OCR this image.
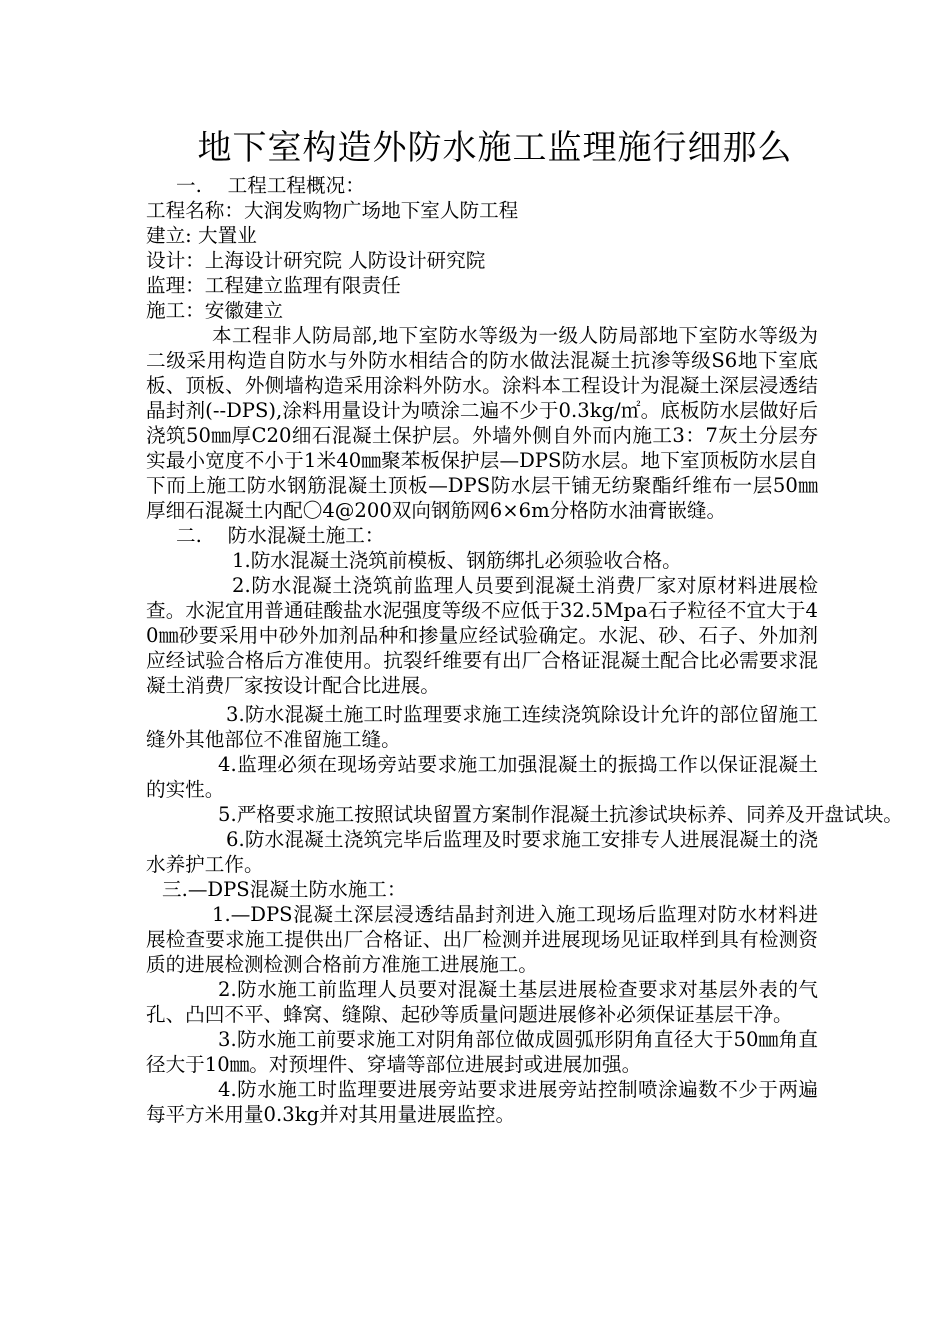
地下室构造外防水施工监理施行细那么

一.　 工程工程概况：

工程名称：大润发购物广场地下室人防工程

建立: 大置业

设计：上海设计研究院 人防设计研究院

监理：工程建立监理有限责任

施工：安徽建立

本工程非人防局部,地下室防水等级为一级人防局部地下室防水等级为二级采用构造自防水与外防水相结合的防水做法混凝土抗渗等级S6地下室底板、顶板、外侧墙构造采用涂料外防水。涂料本工程设计为混凝土深层浸透结晶封剂(--DPS),涂料用量设计为喷涂二遍不少于0.3kg/㎡。底板防水层做好后浇筑50㎜厚C20细石混凝土保护层。外墙外侧自外而内施工3：7灰土分层夯实最小宽度不小于1米40㎜聚苯板保护层—DPS防水层。地下室顶板防水层自下而上施工防水钢筋混凝土顶板—DPS防水层干铺无纺聚酯纤维布一层50㎜厚细石混凝土内配〇4@200双向钢筋网6×6m分格防水油膏嵌缝。

二.　 防水混凝土施工：

1.防水混凝土浇筑前模板、钢筋绑扎必须验收合格。

2.防水混凝土浇筑前监理人员要到混凝土消费厂家对原材料进展检查。水泥宜用普通硅酸盐水泥强度等级不应低于32.5Mpa石子粒径不宜大于40㎜砂要采用中砂外加剂品种和掺量应经试验确定。水泥、砂、石子、外加剂应经试验合格后方准使用。抗裂纤维要有出厂合格证混凝土配合比必需要求混凝土消费厂家按设计配合比进展。

3.防水混凝土施工时监理要求施工连续浇筑除设计允许的部位留施工缝外其他部位不准留施工缝。

4.监理必须在现场旁站要求施工加强混凝土的振捣工作以保证混凝土的实性。

5.严格要求施工按照试块留置方案制作混凝土抗渗试块标养、同养及开盘试块。

6.防水混凝土浇筑完毕后监理及时要求施工安排专人进展混凝土的浇水养护工作。

三.—DPS混凝土防水施工：

1.—DPS混凝土深层浸透结晶封剂进入施工现场后监理对防水材料进展检查要求施工提供出厂合格证、出厂检测并进展现场见证取样到具有检测资质的进展检测检测合格前方准施工进展施工。

2.防水施工前监理人员要对混凝土基层进展检查要求对基层外表的气孔、凸凹不平、蜂窝、缝隙、起砂等质量问题进展修补必须保证基层干净。

3.防水施工前要求施工对阴角部位做成圆弧形阴角直径大于50㎜角直径大于10㎜。对预埋件、穿墙等部位进展封或进展加强。

4.防水施工时监理要进展旁站要求进展旁站控制喷涂遍数不少于两遍每平方米用量0.3kg并对其用量进展监控。
